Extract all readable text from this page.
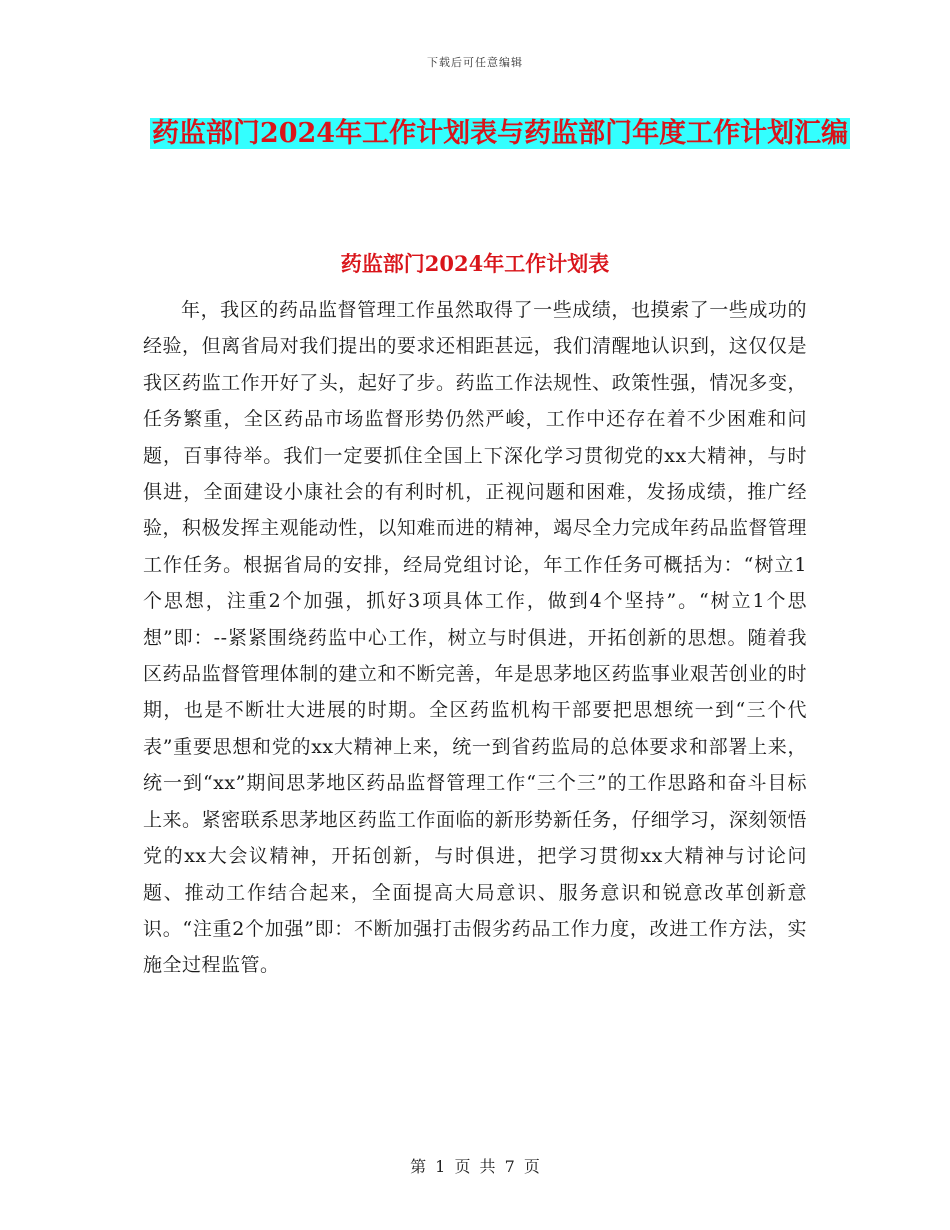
下载后可任意编辑
药监部门2024年工作计划表与药监部门年度工作计划汇编
药监部门2024年工作计划表

年，我区的药品监督管理工作虽然取得了一些成绩，也摸索了一些成功的经验，但离省局对我们提出的要求还相距甚远，我们清醒地认识到，这仅仅是我区药监工作开好了头，起好了步。药监工作法规性、政策性强，情况多变，任务繁重，全区药品市场监督形势仍然严峻，工作中还存在着不少困难和问题，百事待举。我们一定要抓住全国上下深化学习贯彻党的xx大精神，与时俱进，全面建设小康社会的有利时机，正视问题和困难，发扬成绩，推广经验，积极发挥主观能动性，以知难而进的精神，竭尽全力完成年药品监督管理工作任务。根据省局的安排，经局党组讨论，年工作任务可概括为：“树立1个思想，注重2个加强，抓好3项具体工作，做到4个坚持”。“树立1个思想”即：--紧紧围绕药监中心工作，树立与时俱进，开拓创新的思想。随着我区药品监督管理体制的建立和不断完善，年是思茅地区药监事业艰苦创业的时期，也是不断壮大进展的时期。全区药监机构干部要把思想统一到“三个代表”重要思想和党的xx大精神上来，统一到省药监局的总体要求和部署上来，统一到“xx”期间思茅地区药品监督管理工作“三个三”的工作思路和奋斗目标上来。紧密联系思茅地区药监工作面临的新形势新任务，仔细学习，深刻领悟党的xx大会议精神，开拓创新，与时俱进，把学习贯彻xx大精神与讨论问题、推动工作结合起来，全面提高大局意识、服务意识和锐意改革创新意识。“注重2个加强”即：不断加强打击假劣药品工作力度，改进工作方法，实施全过程监管。

第 1 页 共 7 页
